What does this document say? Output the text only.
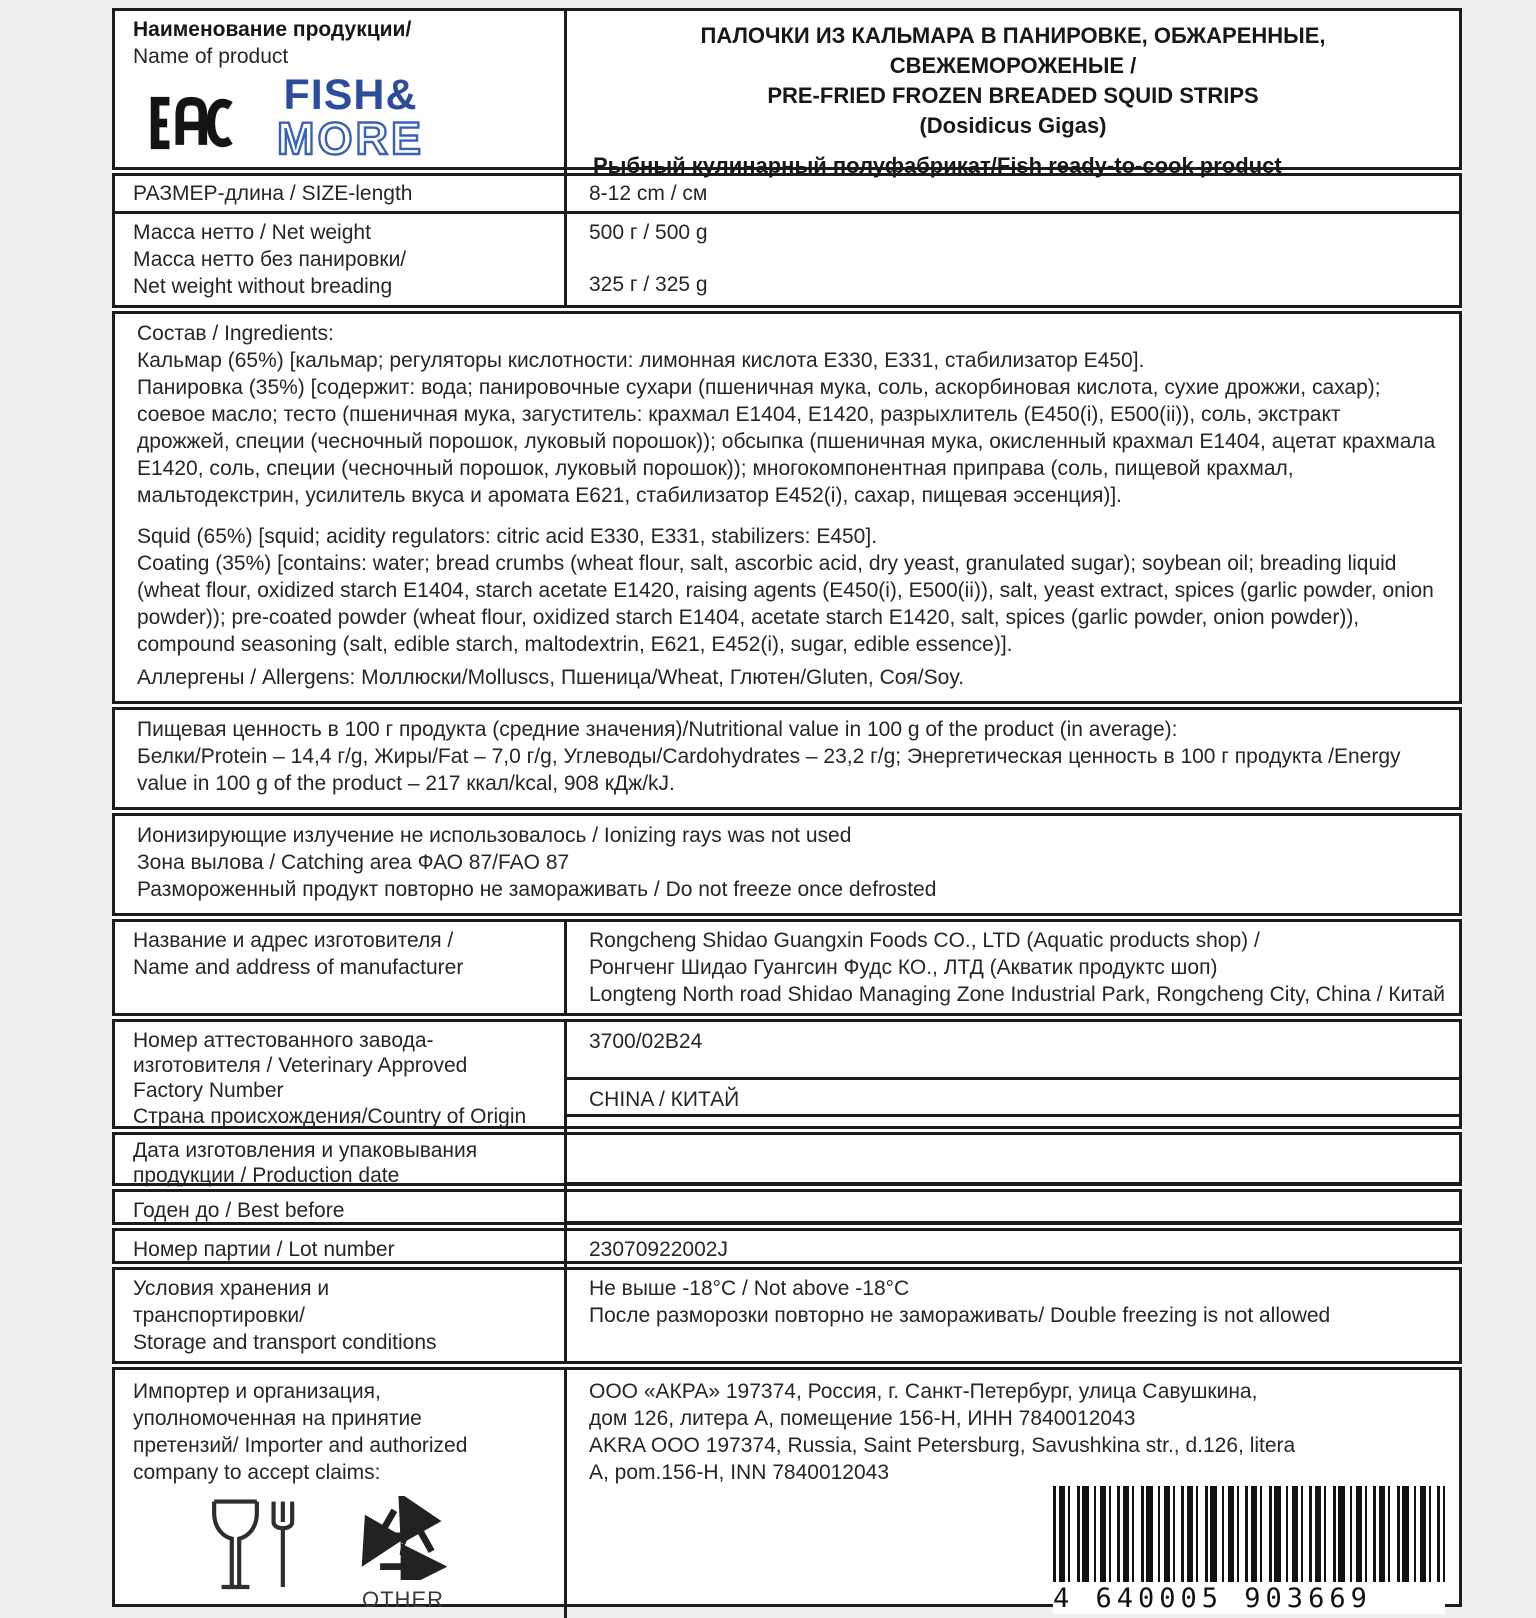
Наименование продукции/
Name of product
FISH&
MORE
ПАЛОЧКИ ИЗ КАЛЬМАРА В ПАНИРОВКЕ, ОБЖАРЕННЫЕ,
СВЕЖЕМОРОЖЕНЫЕ /
PRE-FRIED FROZEN BREADED SQUID STRIPS
(Dosidicus Gigas)
Рыбный кулинарный полуфабрикат/Fish ready-to-cook product
РАЗМЕР-длина / SIZE-length	8-12 cm / см
Масса нетто / Net weight
Масса нетто без панировки/
Net weight without breading
500 г / 500 g
325 г / 325 g
Состав / Ingredients:
Кальмар (65%) [кальмар; регуляторы кислотности: лимонная кислота Е330, Е331, стабилизатор Е450].
Панировка (35%) [содержит: вода; панировочные сухари (пшеничная мука, соль, аскорбиновая кислота, сухие дрожжи, сахар); соевое масло; тесто (пшеничная мука, загуститель: крахмал Е1404, Е1420, разрыхлитель (Е450(i), Е500(ii)), соль, экстракт дрожжей, специи (чесночный порошок, луковый порошок)); обсыпка (пшеничная мука, окисленный крахмал Е1404, ацетат крахмала Е1420, соль, специи (чесночный порошок, луковый порошок)); многокомпонентная приправа (соль, пищевой крахмал, мальтодекстрин, усилитель вкуса и аромата Е621, стабилизатор Е452(i), сахар, пищевая эссенция)].
Squid (65%) [squid; acidity regulators: citric acid E330, E331, stabilizers: E450].
Coating (35%) [contains: water; bread crumbs (wheat flour, salt, ascorbic acid, dry yeast, granulated sugar); soybean oil; breading liquid (wheat flour, oxidized starch E1404, starch acetate E1420, raising agents (E450(i), E500(ii)), salt, yeast extract, spices (garlic powder, onion powder)); pre-coated powder (wheat flour, oxidized starch E1404, acetate starch E1420, salt, spices (garlic powder, onion powder)), compound seasoning (salt, edible starch, maltodextrin, E621, E452(i), sugar, edible essence)].
Аллергены / Allergens: Моллюски/Molluscs, Пшеница/Wheat, Глютен/Gluten, Соя/Soy.
Пищевая ценность в 100 г продукта (средние значения)/Nutritional value in 100 g of the product (in average):
Белки/Protein – 14,4 г/g, Жиры/Fat – 7,0 г/g, Углеводы/Cardohydrates – 23,2 г/g; Энергетическая ценность в 100 г продукта /Energy value in 100 g of the product – 217 ккал/kcal, 908 кДж/kJ.
Ионизирующие излучение не использовалось / Ionizing rays was not used
Зона вылова / Catching area ФАО 87/FAO 87
Размороженный продукт повторно не замораживать / Do not freeze once defrosted
Название и адрес изготовителя /
Name and address of manufacturer
Rongcheng Shidao Guangxin Foods CO., LTD (Aquatic products shop) /
Ронгченг Шидао Гуангсин Фудс КО., ЛТД (Акватик продуктс шоп)
Longteng North road Shidao Managing Zone Industrial Park, Rongcheng City, China / Китай
Номер аттестованного завода-
изготовителя / Veterinary Approved
Factory Number
Страна происхождения/Country of Origin
3700/02B24
CHINA / КИТАЙ
Дата изготовления и упаковывания
продукции / Production date
Годен до / Best before
Номер партии / Lot number	23070922002J
Условия хранения и
транспортировки/
Storage and transport conditions
Не выше -18°C / Not above -18°C
После разморозки повторно не замораживать/ Double freezing is not allowed
Импортер и организация,
уполномоченная на принятие
претензий/ Importer and authorized
company to accept claims:
7
OTHER
ООО «АКРА» 197374, Россия, г. Санкт-Петербург, улица Савушкина,
дом 126, литера А, помещение 156-Н, ИНН 7840012043
AKRA OOO 197374, Russia, Saint Petersburg, Savushkina str., d.126, litera
А, pom.156-H, INN 7840012043
4 640005 903669
